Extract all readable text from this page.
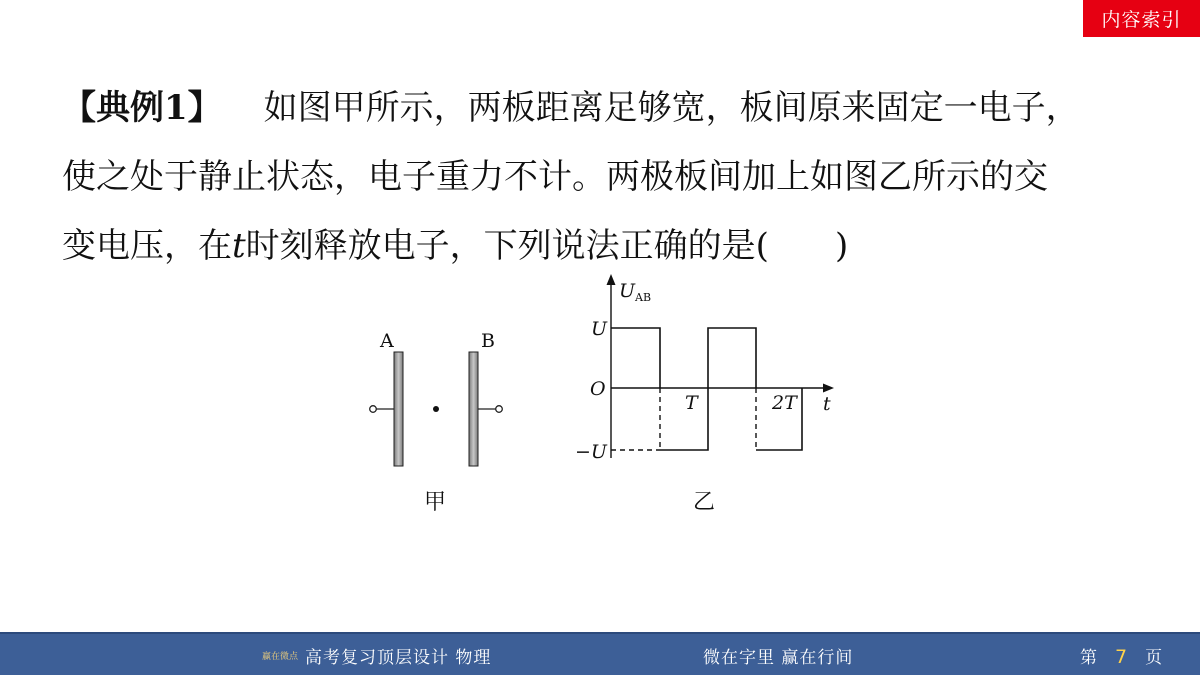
内容索引
【典例1】 如图甲所示，两板距离足够宽，板间原来固定一电子，
使之处于静止状态，电子重力不计。两极板间加上如图乙所示的交
变电压，在t时刻释放电子，下列说法正确的是( )
A	B
甲
$U_{AB}$
U
O
T	2T t
−U
乙
赢在微点 高考复习顶层设计 物理	微在字里 赢在行间	第 7 页
